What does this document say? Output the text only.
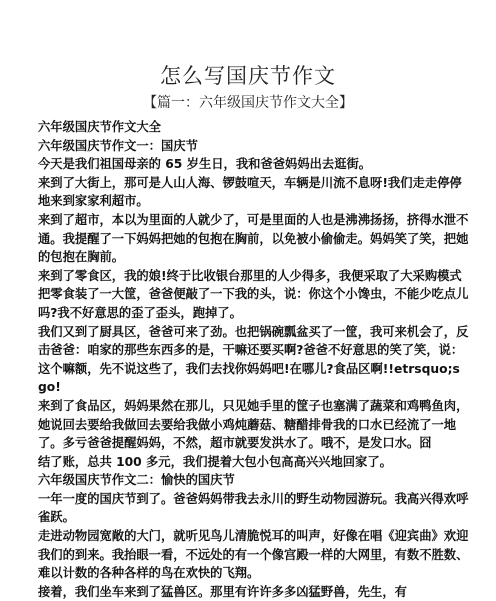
怎么写国庆节作文
【篇一：六年级国庆节作文大全】

六年级国庆节作文大全

六年级国庆节作文一：国庆节

今天是我们祖国母亲的 65 岁生日，我和爸爸妈妈出去逛街。

来到了大街上，那可是人山人海、锣鼓喧天，车辆是川流不息呀!我们走走停停地来到家家利超市。

来到了超市，本以为里面的人就少了，可是里面的人也是沸沸扬扬，挤得水泄不通。我提醒了一下妈妈把她的包抱在胸前，以免被小偷偷走。妈妈笑了笑，把她的包抱在胸前。

来到了零食区，我的娘!终于比收银台那里的人少得多，我便采取了大采购模式把零食装了一大筐，爸爸便敲了一下我的头，说：你这个小馋虫，不能少吃点儿吗?我不好意思的歪了歪头，跑掉了。

我们又到了厨具区，爸爸可来了劲。也把锅碗瓢盆买了一筐，我可来机会了，反击爸爸：咱家的那些东西多的是，干嘛还要买啊?爸爸不好意思的笑了笑，说：这个嘛额，先不说这些了，我们去找你妈妈吧!在哪儿?食品区啊!!etrsquo;s go!

来到了食品区，妈妈果然在那儿，只见她手里的筐子也塞满了蔬菜和鸡鸭鱼肉，她说回去要给我做回去要给我做小鸡炖蘑菇、糖醋排骨我的口水已经流了一地了。多亏爸爸提醒妈妈，不然，超市就要发洪水了。哦不，是发口水。囧

结了账，总共 100 多元，我们提着大包小包高高兴兴地回家了。

六年级国庆节作文二：愉快的国庆节

一年一度的国庆节到了。爸爸妈妈带我去永川的野生动物园游玩。我高兴得欢呼雀跃。

走进动物园宽敞的大门，就听见鸟儿清脆悦耳的叫声，好像在唱《迎宾曲》欢迎我们的到来。我抬眼一看，不远处的有一个像宫殿一样的大网里，有数不胜数、难以计数的各种各样的鸟在欢快的飞翔。

接着，我们坐车来到了猛兽区。那里有许许多多凶猛野兽，先生，有
